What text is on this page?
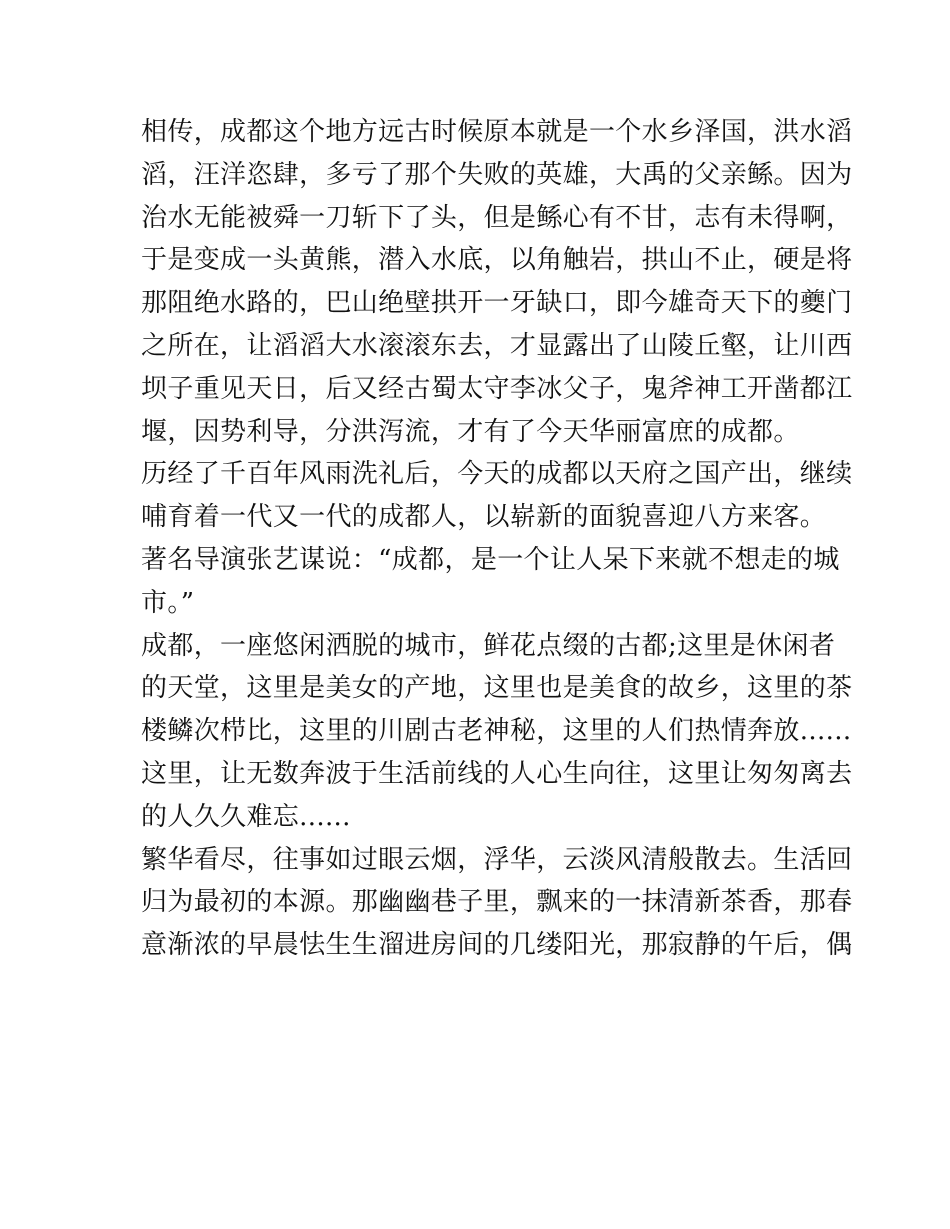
相传，成都这个地方远古时候原本就是一个水乡泽国，洪水滔
滔，汪洋恣肆，多亏了那个失败的英雄，大禹的父亲鲧。因为
治水无能被舜一刀斩下了头，但是鲧心有不甘，志有未得啊，
于是变成一头黄熊，潜入水底，以角触岩，拱山不止，硬是将
那阻绝水路的，巴山绝壁拱开一牙缺口，即今雄奇天下的夔门
之所在，让滔滔大水滚滚东去，才显露出了山陵丘壑，让川西
坝子重见天日，后又经古蜀太守李冰父子，鬼斧神工开凿都江
堰，因势利导，分洪泻流，才有了今天华丽富庶的成都。
历经了千百年风雨洗礼后，今天的成都以天府之国产出，继续
哺育着一代又一代的成都人，以崭新的面貌喜迎八方来客。
著名导演张艺谋说：“成都，是一个让人呆下来就不想走的城
市。”
成都，一座悠闲洒脱的城市，鲜花点缀的古都;这里是休闲者
的天堂，这里是美女的产地，这里也是美食的故乡，这里的茶
楼鳞次栉比，这里的川剧古老神秘，这里的人们热情奔放......
这里，让无数奔波于生活前线的人心生向往，这里让匆匆离去
的人久久难忘......
繁华看尽，往事如过眼云烟，浮华，云淡风清般散去。生活回
归为最初的本源。那幽幽巷子里，飘来的一抹清新茶香，那春
意渐浓的早晨怯生生溜进房间的几缕阳光，那寂静的午后，偶
